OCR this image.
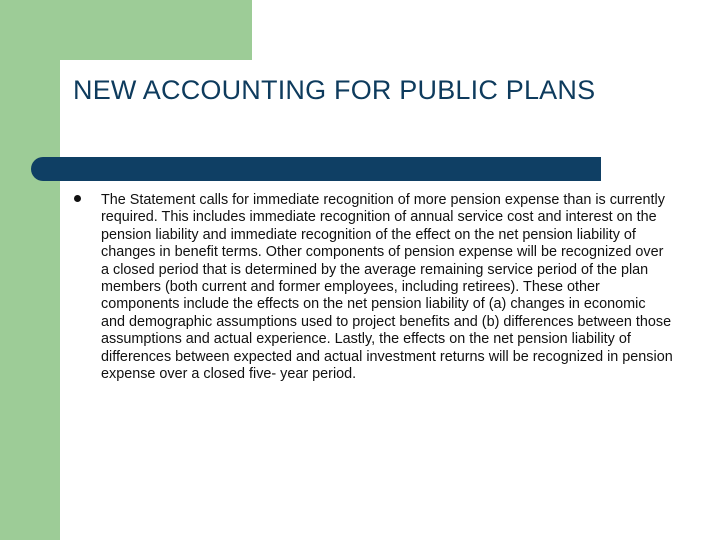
NEW ACCOUNTING FOR PUBLIC PLANS
The Statement calls for immediate recognition of more pension expense than is currently required. This includes immediate recognition of annual service cost and interest on the pension liability and immediate recognition of the effect on the net pension liability of changes in benefit terms. Other components of pension expense will be recognized over a closed period that is determined by the average remaining service period of the plan members (both current and former employees, including retirees). These other components include the effects on the net pension liability of (a) changes in economic and demographic assumptions used to project benefits and (b) differences between those assumptions and actual experience. Lastly, the effects on the net pension liability of differences between expected and actual investment returns will be recognized in pension expense over a closed five- year period.
